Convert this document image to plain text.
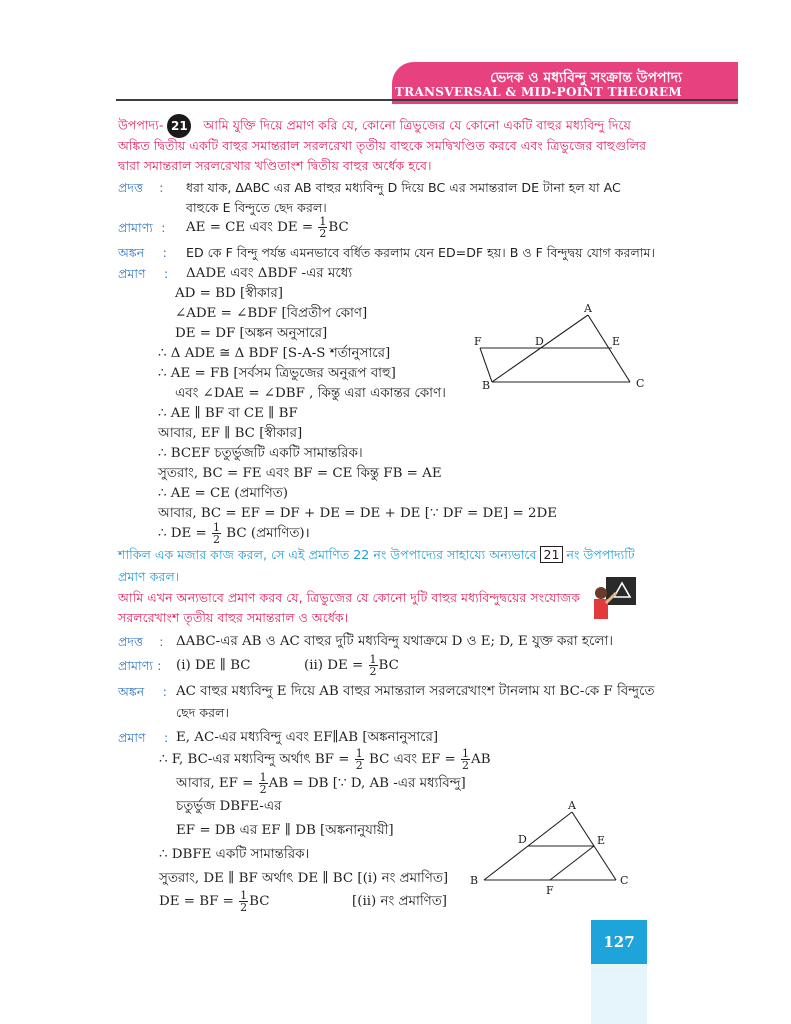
ভেদক ও মধ্যবিন্দু সংক্রান্ত উপপাদ্য
TRANSVERSAL & MID-POINT THEOREM
উপপাদ্য- 21 আমি যুক্তি দিয়ে প্রমাণ করি যে, কোনো ত্রিভুজের যে কোনো একটি বাহুর মধ্যবিন্দু দিয়ে
অঙ্কিত দ্বিতীয় একটি বাহুর সমান্তরাল সরলরেখা তৃতীয় বাহুকে সমদ্বিখণ্ডিত করবে এবং ত্রিভুজের বাহুগুলির
দ্বারা সমান্তরাল সরলরেখার খণ্ডিতাংশ দ্বিতীয় বাহুর অর্ধেক হবে।
প্রদত্ত : ধরা যাক, ΔABC এর AB বাহুর মধ্যবিন্দু D দিয়ে BC এর সমান্তরাল DE টানা হল যা AC
বাহুকে E বিন্দুতে ছেদ করল।
প্রামাণ্য : AE = CE এবং DE = $\frac{1}{2}$ BC
অঙ্কন : ED কে F বিন্দু পর্যন্ত এমনভাবে বর্ধিত করলাম যেন ED=DF হয়। B ও F বিন্দুদ্বয় যোগ করলাম।
প্রমাণ : ΔADE এবং ΔBDF -এর মধ্যে
AD = BD [স্বীকার]
∠ADE = ∠BDF [বিপ্রতীপ কোণ]
DE = DF [অঙ্কন অনুসারে]
∴ Δ ADE ≅ Δ BDF [S-A-S শর্তানুসারে]
∴ AE = FB [সর্বসম ত্রিভুজের অনুরূপ বাহু]
এবং ∠DAE = ∠DBF , কিন্তু এরা একান্তর কোণ।
∴ AE ∥ BF বা CE ∥ BF
আবার, EF ∥ BC [স্বীকার]
∴ BCEF চতুর্ভুজটি একটি সামান্তরিক।
সুতরাং, BC = FE এবং BF = CE কিন্তু FB = AE
∴ AE = CE (প্রমাণিত)
আবার, BC = EF = DF + DE = DE + DE [∵ DF = DE] = 2DE
∴ DE = $\frac{1}{2}$ BC (প্রমাণিত)।
A
B	C
D	E
F
শাকিল এক মজার কাজ করল, সে এই প্রমাণিত 22 নং উপপাদ্যের সাহায্যে অন্যভাবে 21 নং উপপাদ্যটি
প্রমাণ করল।
আমি এখন অন্যভাবে প্রমাণ করব যে, ত্রিভুজের যে কোনো দুটি বাহুর মধ্যবিন্দুদ্বয়ের সংযোজক
সরলরেখাংশ তৃতীয় বাহুর সমান্তরাল ও অর্ধেক।
প্রদত্ত : ΔABC-এর AB ও AC বাহুর দুটি মধ্যবিন্দু যথাক্রমে D ও E; D, E যুক্ত করা হলো।
প্রামাণ্য : (i) DE ∥ BC	(ii) DE = $\frac{1}{2}$ BC
অঙ্কন : AC বাহুর মধ্যবিন্দু E দিয়ে AB বাহুর সমান্তরাল সরলরেখাংশ টানলাম যা BC-কে F বিন্দুতে
ছেদ করল।
প্রমাণ : E, AC-এর মধ্যবিন্দু এবং EF∥AB [অঙ্কনানুসারে]
∴ F, BC-এর মধ্যবিন্দু অর্থাৎ BF = $\frac{1}{2}$ BC এবং EF = $\frac{1}{2}$ AB
আবার, EF = $\frac{1}{2}$ AB = DB [∵ D, AB -এর মধ্যবিন্দু]
চতুর্ভুজ DBFE-এর
EF = DB এর EF ∥ DB [অঙ্কনানুযায়ী]
∴ DBFE একটি সামান্তরিক।
সুতরাং, DE ∥ BF অর্থাৎ DE ∥ BC [(i) নং প্রমাণিত]
DE = BF = $\frac{1}{2}$ BC	[(ii) নং প্রমাণিত]
A
B	C
D	E
F
127
